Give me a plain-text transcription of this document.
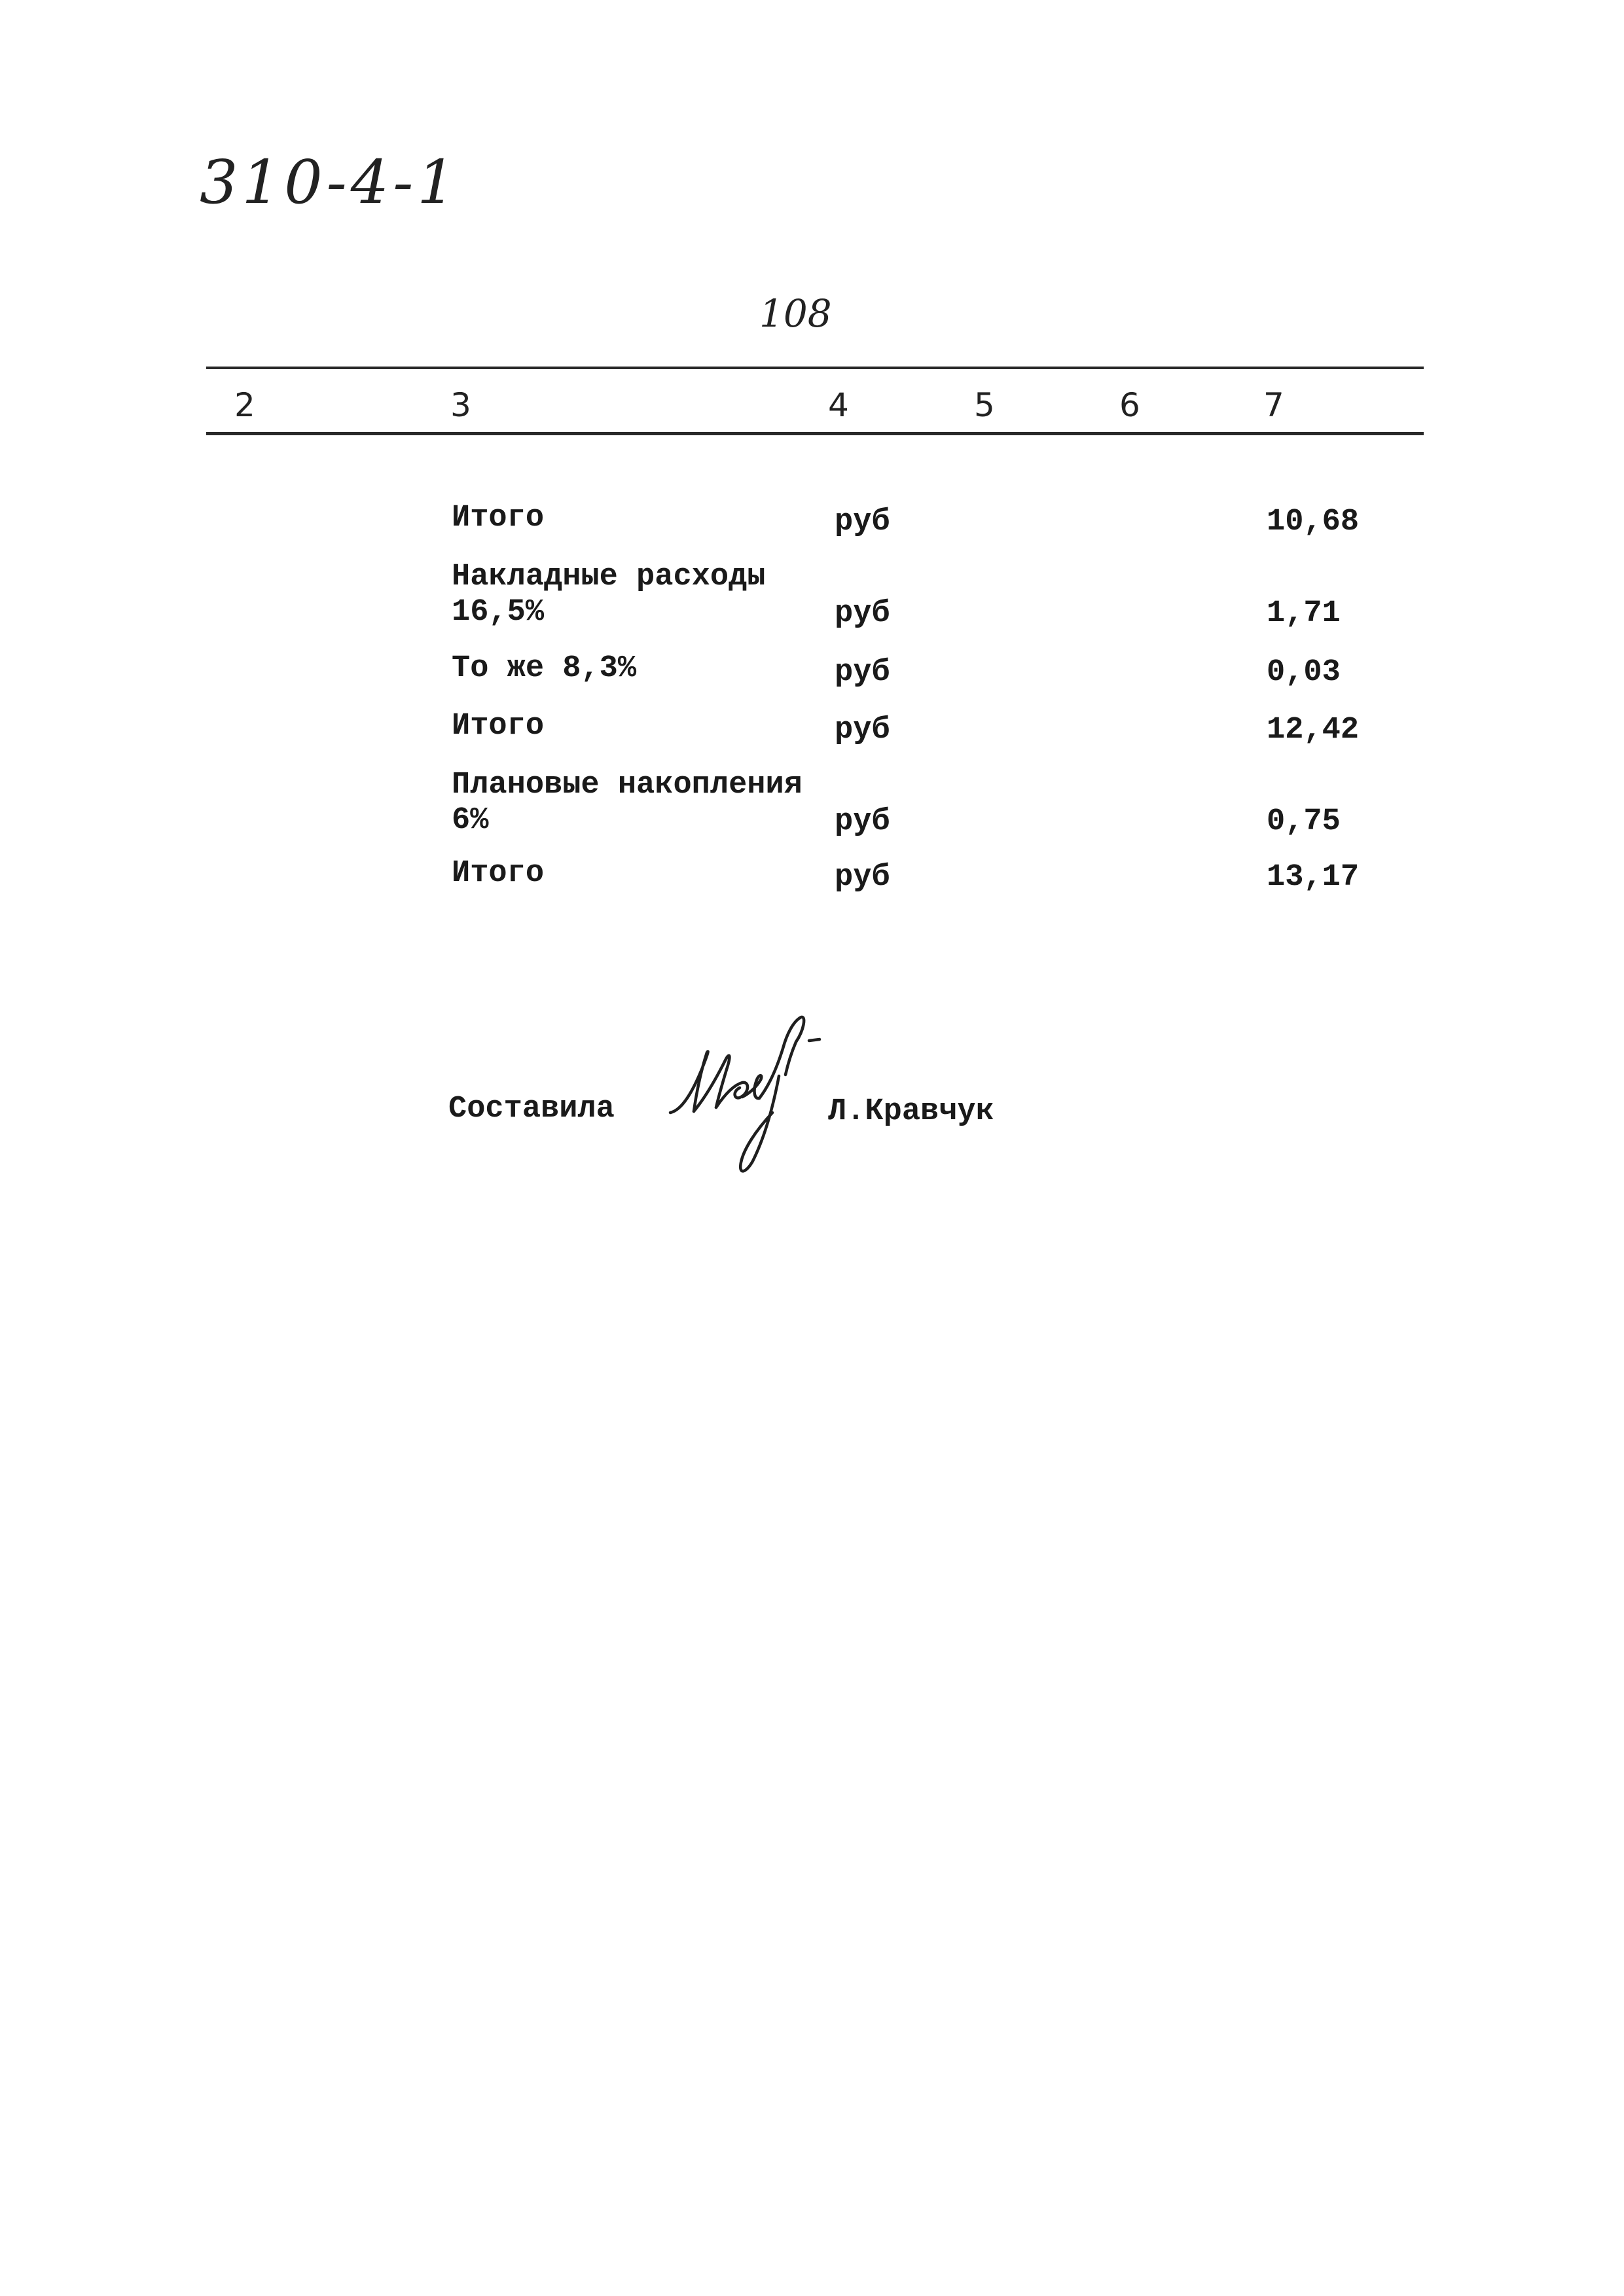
310-4-1
108
2	3	4	5	6	7
Итого	руб	10,68
Накладные расходы
16,5%	руб	1,71
То же 8,3%	руб	0,03
Итого	руб	12,42
Плановые накопления
6%	руб	0,75
Итого	руб	13,17
Составила	Л.Кравчук
